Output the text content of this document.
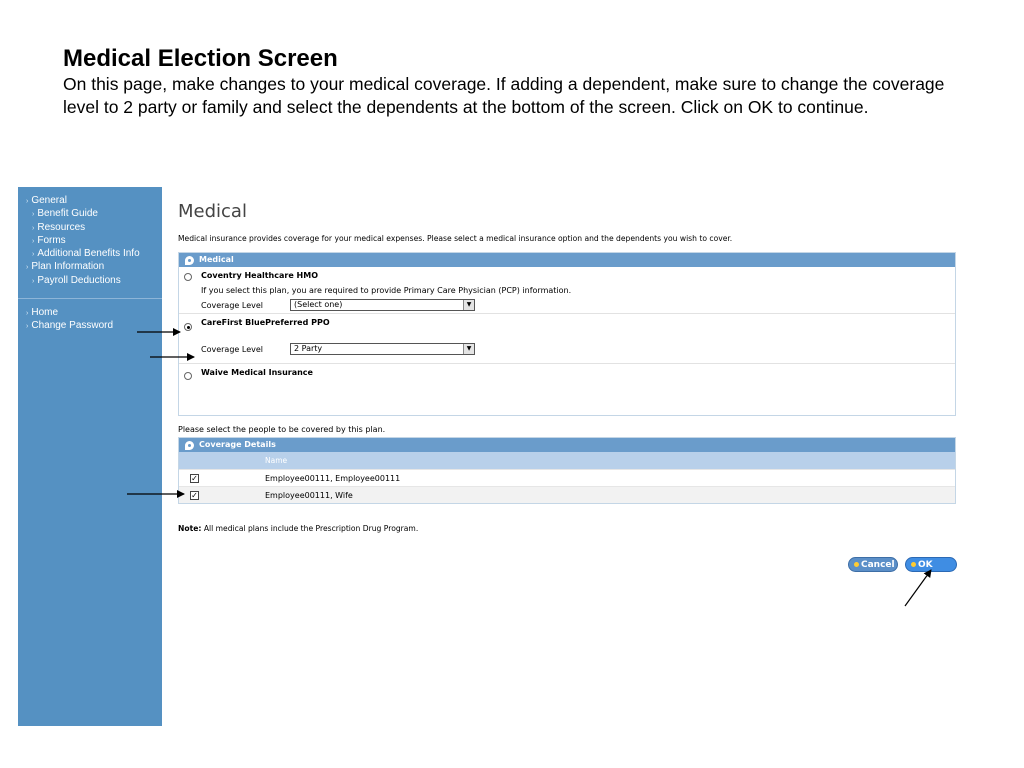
Medical Election Screen

On this page, make changes to your medical coverage. If adding a dependent, make sure to change the coverage level to 2 party or family and select the dependents at the bottom of the screen. Click on OK to continue.

› General
› Benefit Guide
› Resources
› Forms
› Additional Benefits Info
› Plan Information
› Payroll Deductions
› Home
› Change Password
Medical
Medical insurance provides coverage for your medical expenses. Please select a medical insurance option and the dependents you wish to cover.
Medical
Coventry Healthcare HMO
If you select this plan, you are required to provide Primary Care Physician (PCP) information.
Coverage Level	(Select one)	▼
CareFirst BluePreferred PPO
Coverage Level	2 Party	▼
Waive Medical Insurance
Please select the people to be covered by this plan.
Coverage Details
Name
✓	Employee00111, Employee00111
✓	Employee00111, Wife
Note: All medical plans include the Prescription Drug Program.
Cancel	OK
